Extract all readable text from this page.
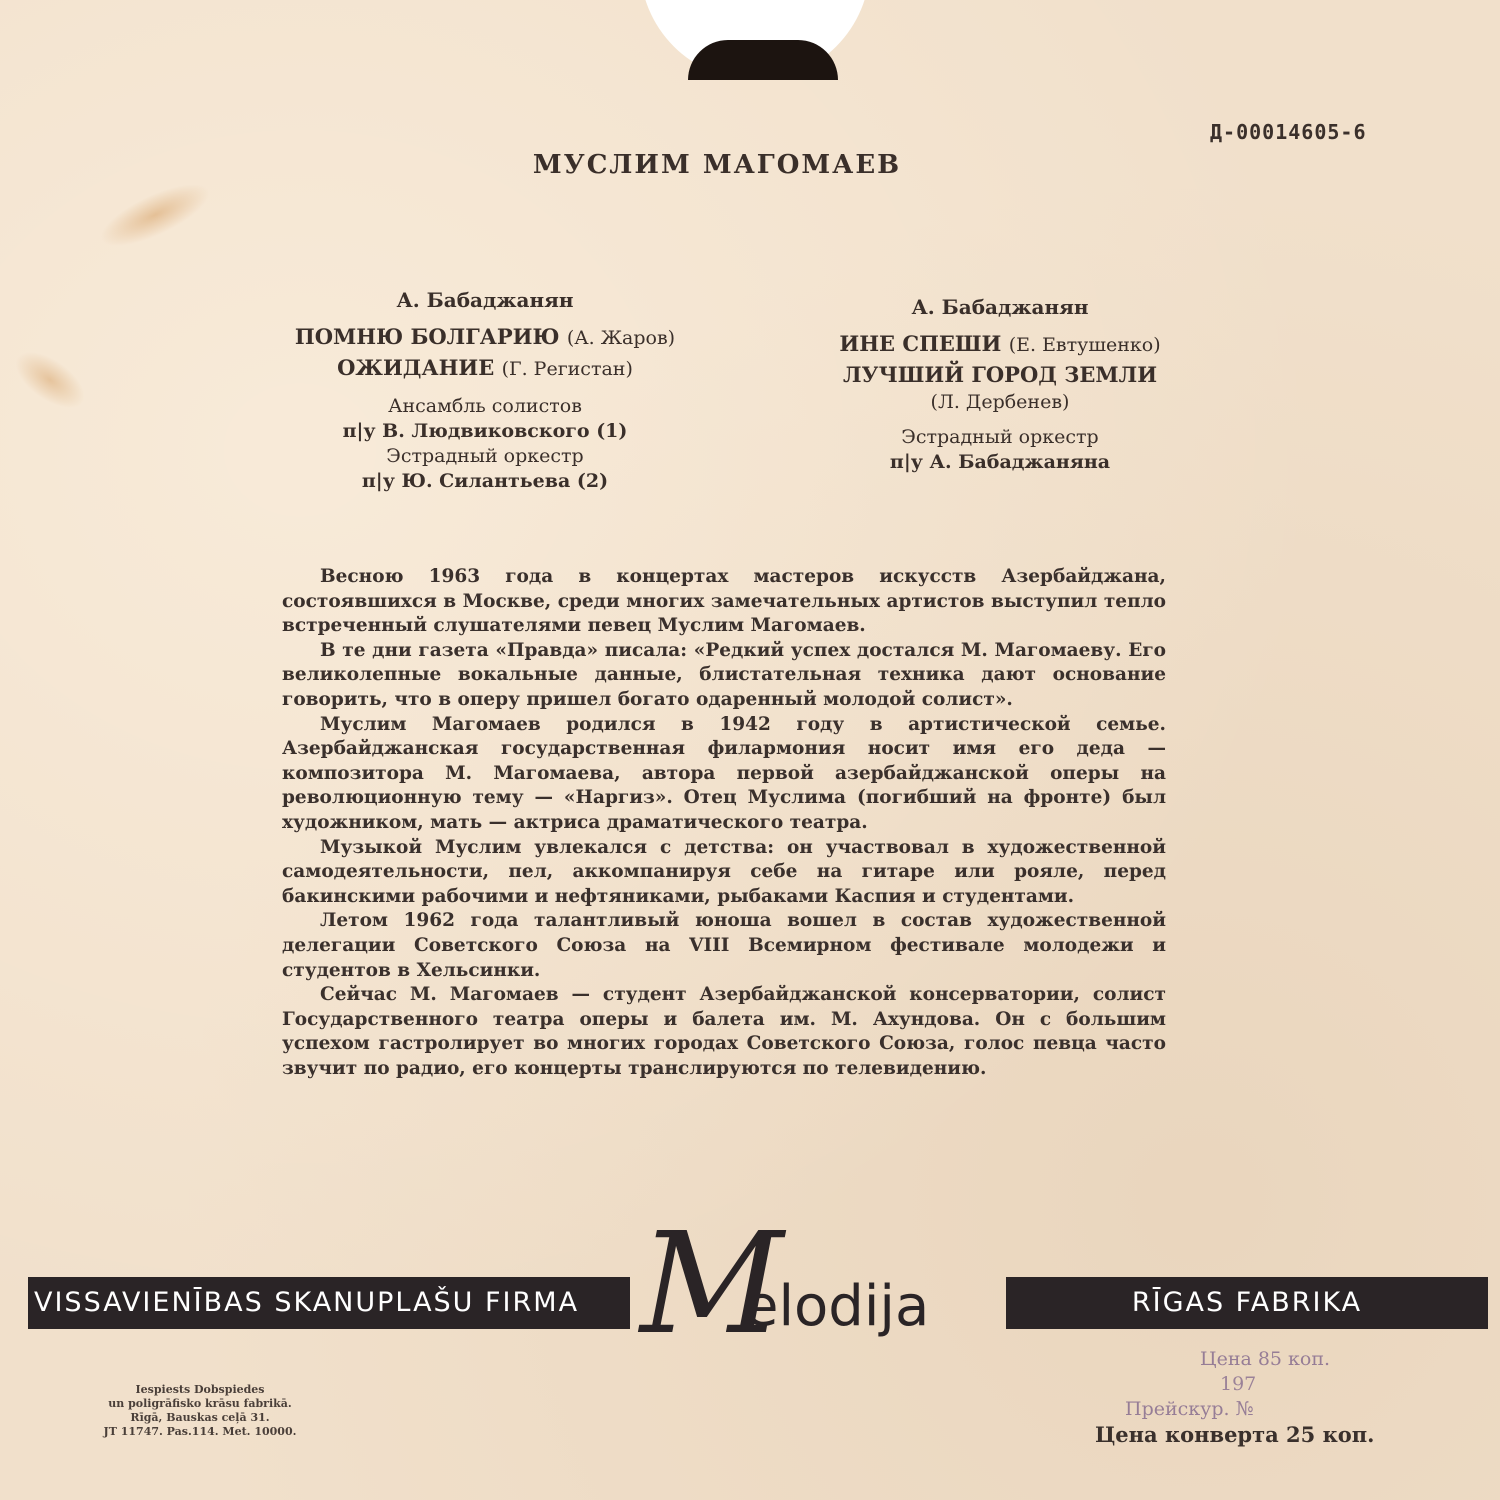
Д-00014605-6
МУСЛИМ МАГОМАЕВ
А. Бабаджанян
ПОМНЮ БОЛГАРИЮ (А. Жаров)
ОЖИДАНИЕ (Г. Регистан)
Ансамбль солистов
п|у В. Людвиковского (1)
Эстрадный оркестр
п|у Ю. Силантьева (2)
А. Бабаджанян
ИНЕ СПЕШИ (Е. Евтушенко)
ЛУЧШИЙ ГОРОД ЗЕМЛИ
(Л. Дербенев)
Эстрадный оркестр
п|у А. Бабаджаняна

Весною 1963 года в концертах мастеров искусств Азербайджана, состоявшихся в Москве, среди многих замечательных артистов выступил тепло встреченный слушателями певец Муслим Магомаев.

В те дни газета «Правда» писала: «Редкий успех достался М. Магомаеву. Его великолепные вокальные данные, блистательная техника дают основание говорить, что в оперу пришел богато одаренный молодой солист».

Муслим Магомаев родился в 1942 году в артистической семье. Азербайджанская государственная филармония носит имя его деда — композитора М. Магомаева, автора первой азербайджанской оперы на революционную тему — «Наргиз». Отец Муслима (погибший на фронте) был художником, мать — актриса драматического театра.

Музыкой Муслим увлекался с детства: он участвовал в художественной самодеятельности, пел, аккомпанируя себе на гитаре или рояле, перед бакинскими рабочими и нефтяниками, рыбаками Каспия и студентами.

Летом 1962 года талантливый юноша вошел в состав художественной делегации Советского Союза на VIII Всемирном фестивале молодежи и студентов в Хельсинки.

Сейчас М. Магомаев — студент Азербайджанской консерватории, солист Государственного театра оперы и балета им. М. Ахундова. Он с большим успехом гастролирует во многих городах Советского Союза, голос певца часто звучит по радио, его концерты транслируются по телевидению.

VISSAVIENĪBAS SKANUPLAŠU FIRMA M
elodija	RĪGAS FABRIKA
Iespiests Dobspiedes
un poligrāfisko krāsu fabrikā.
Rīgā, Bauskas ceļā 31.
JT 11747. Pas.114. Met. 10000.
Цена 85 коп.
197
Прейскур. №
Цена конверта 25 коп.
